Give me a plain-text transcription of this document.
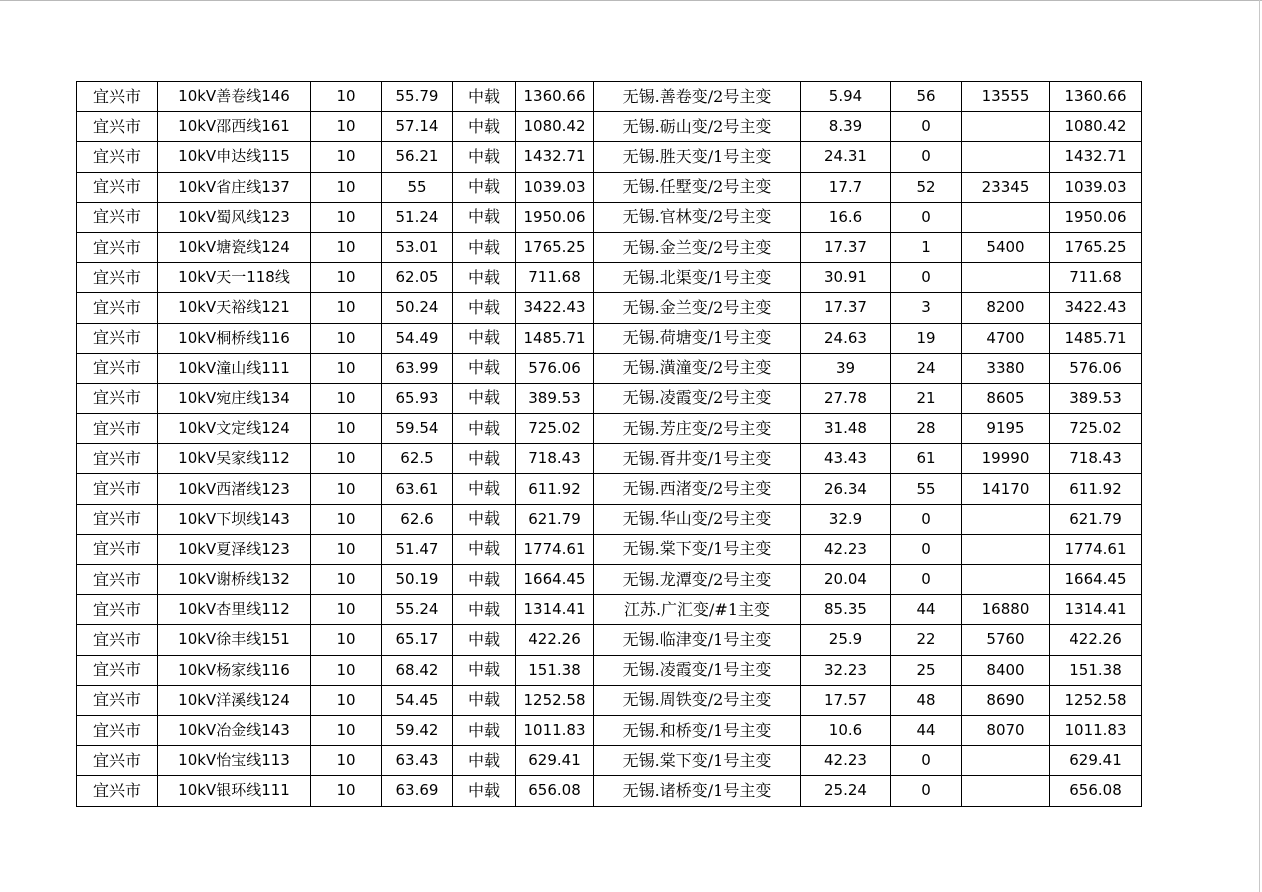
宜兴市	10kV善卷线146	10	55.79	中载	1360.66	无锡.善卷变/2号主变	5.94	56	13555	1360.66
宜兴市	10kV邵西线161	10	57.14	中载	1080.42	无锡.砺山变/2号主变	8.39	0		1080.42
宜兴市	10kV申达线115	10	56.21	中载	1432.71	无锡.胜天变/1号主变	24.31	0		1432.71
宜兴市	10kV省庄线137	10	55	中载	1039.03	无锡.任墅变/2号主变	17.7	52	23345	1039.03
宜兴市	10kV蜀风线123	10	51.24	中载	1950.06	无锡.官林变/2号主变	16.6	0		1950.06
宜兴市	10kV塘瓷线124	10	53.01	中载	1765.25	无锡.金兰变/2号主变	17.37	1	5400	1765.25
宜兴市	10kV天一118线	10	62.05	中载	711.68	无锡.北渠变/1号主变	30.91	0		711.68
宜兴市	10kV天裕线121	10	50.24	中载	3422.43	无锡.金兰变/2号主变	17.37	3	8200	3422.43
宜兴市	10kV桐桥线116	10	54.49	中载	1485.71	无锡.荷塘变/1号主变	24.63	19	4700	1485.71
宜兴市	10kV潼山线111	10	63.99	中载	576.06	无锡.潢潼变/2号主变	39	24	3380	576.06
宜兴市	10kV宛庄线134	10	65.93	中载	389.53	无锡.凌霞变/2号主变	27.78	21	8605	389.53
宜兴市	10kV文定线124	10	59.54	中载	725.02	无锡.芳庄变/2号主变	31.48	28	9195	725.02
宜兴市	10kV吴家线112	10	62.5	中载	718.43	无锡.胥井变/1号主变	43.43	61	19990	718.43
宜兴市	10kV西渚线123	10	63.61	中载	611.92	无锡.西渚变/2号主变	26.34	55	14170	611.92
宜兴市	10kV下坝线143	10	62.6	中载	621.79	无锡.华山变/2号主变	32.9	0		621.79
宜兴市	10kV夏泽线123	10	51.47	中载	1774.61	无锡.棠下变/1号主变	42.23	0		1774.61
宜兴市	10kV谢桥线132	10	50.19	中载	1664.45	无锡.龙潭变/2号主变	20.04	0		1664.45
宜兴市	10kV杏里线112	10	55.24	中载	1314.41	江苏.广汇变/#1主变	85.35	44	16880	1314.41
宜兴市	10kV徐丰线151	10	65.17	中载	422.26	无锡.临津变/1号主变	25.9	22	5760	422.26
宜兴市	10kV杨家线116	10	68.42	中载	151.38	无锡.凌霞变/1号主变	32.23	25	8400	151.38
宜兴市	10kV洋溪线124	10	54.45	中载	1252.58	无锡.周铁变/2号主变	17.57	48	8690	1252.58
宜兴市	10kV冶金线143	10	59.42	中载	1011.83	无锡.和桥变/1号主变	10.6	44	8070	1011.83
宜兴市	10kV怡宝线113	10	63.43	中载	629.41	无锡.棠下变/1号主变	42.23	0		629.41
宜兴市	10kV银环线111	10	63.69	中载	656.08	无锡.诸桥变/1号主变	25.24	0		656.08
